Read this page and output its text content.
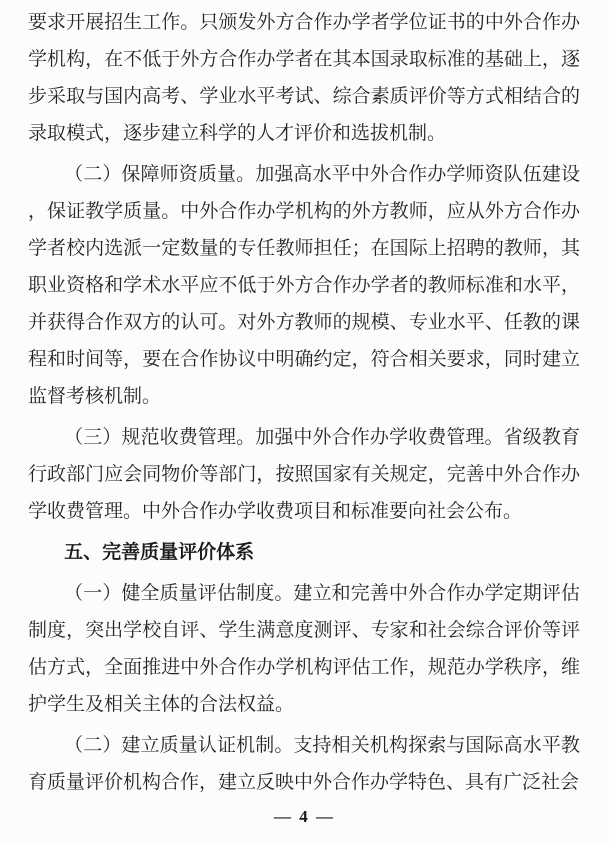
要求开展招生工作。只颁发外方合作办学者学位证书的中外合作办学机构，在不低于外方合作办学者在其本国录取标准的基础上，逐步采取与国内高考、学业水平考试、综合素质评价等方式相结合的录取模式，逐步建立科学的人才评价和选拔机制。

（二）保障师资质量。加强高水平中外合作办学师资队伍建设，保证教学质量。中外合作办学机构的外方教师，应从外方合作办学者校内选派一定数量的专任教师担任；在国际上招聘的教师，其职业资格和学术水平应不低于外方合作办学者的教师标准和水平，并获得合作双方的认可。对外方教师的规模、专业水平、任教的课程和时间等，要在合作协议中明确约定，符合相关要求，同时建立监督考核机制。

（三）规范收费管理。加强中外合作办学收费管理。省级教育行政部门应会同物价等部门，按照国家有关规定，完善中外合作办学收费管理。中外合作办学收费项目和标准要向社会公布。

五、完善质量评价体系

（一）健全质量评估制度。建立和完善中外合作办学定期评估制度，突出学校自评、学生满意度测评、专家和社会综合评价等评估方式，全面推进中外合作办学机构评估工作，规范办学秩序，维护学生及相关主体的合法权益。

（二）建立质量认证机制。支持相关机构探索与国际高水平教育质量评价机构合作，建立反映中外合作办学特色、具有广泛社会

— 4 —
